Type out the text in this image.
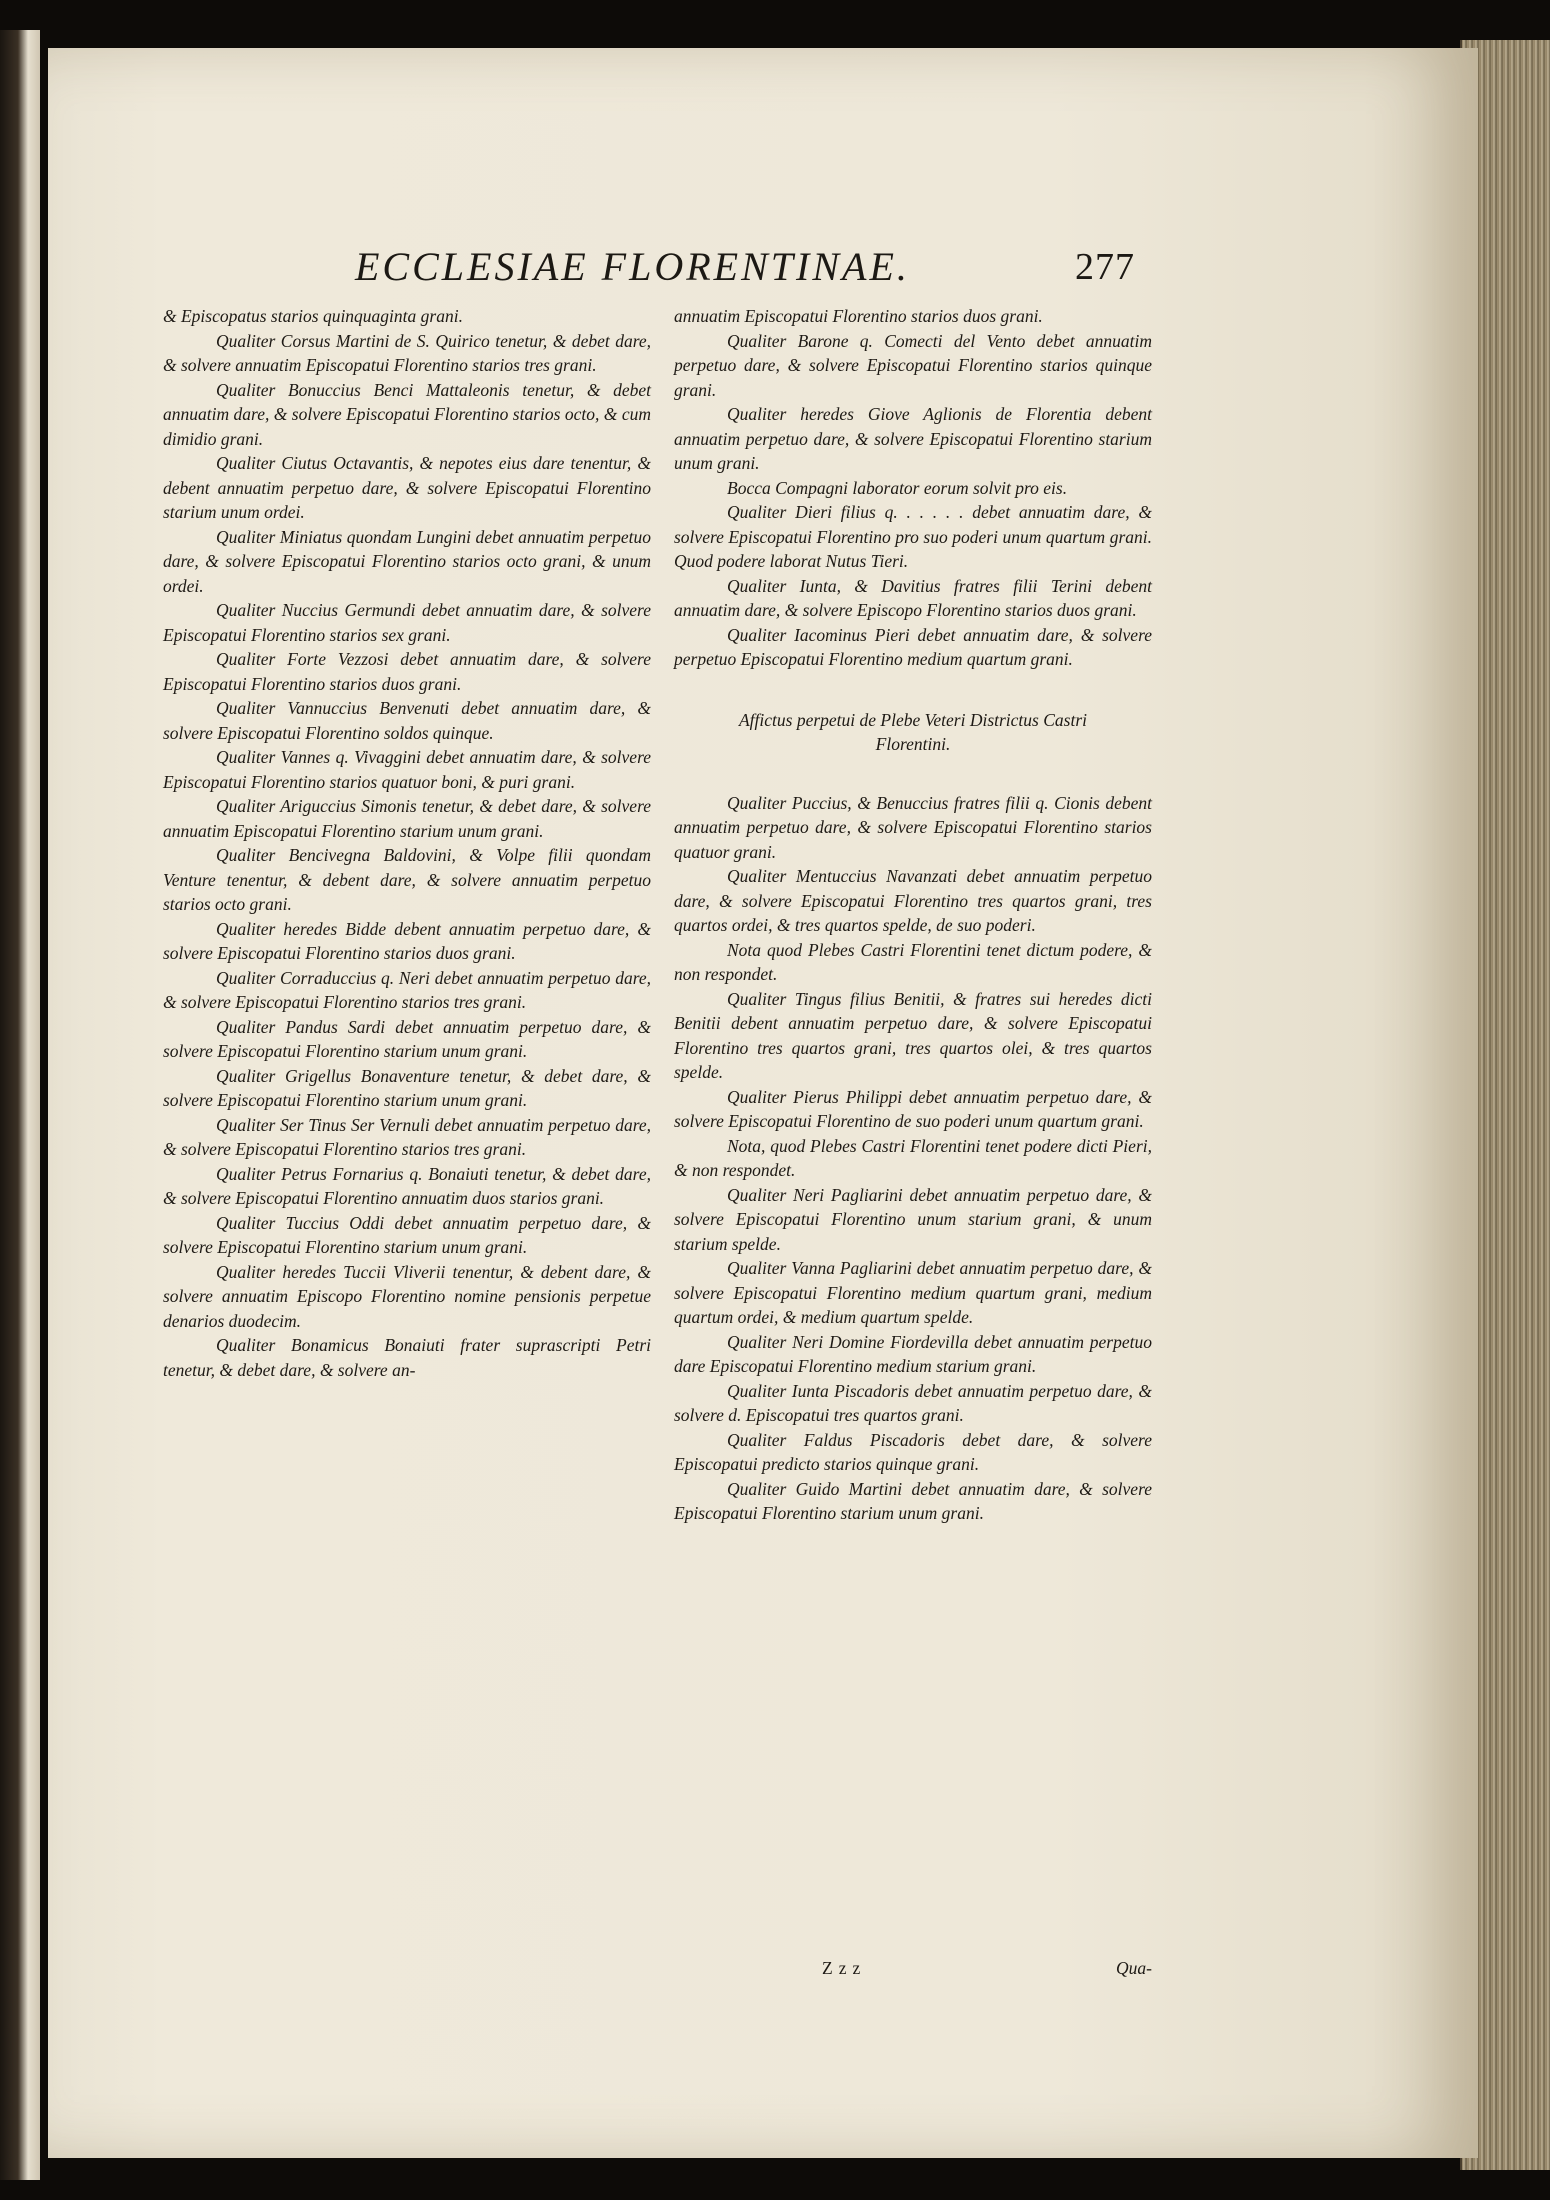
ECCLESIAE FLORENTINAE.	277

& Episcopatus starios quinquaginta grani.

Qualiter Corsus Martini de S. Quirico tenetur, & debet dare, & solvere annuatim Episcopatui Florentino starios tres grani.

Qualiter Bonuccius Benci Mattaleonis tenetur, & debet annuatim dare, & solvere Episcopatui Florentino starios octo, & cum dimidio grani.

Qualiter Ciutus Octavantis, & nepotes eius dare tenentur, & debent annuatim perpetuo dare, & solvere Episcopatui Florentino starium unum ordei.

Qualiter Miniatus quondam Lungini debet annuatim perpetuo dare, & solvere Episcopatui Florentino starios octo grani, & unum ordei.

Qualiter Nuccius Germundi debet annuatim dare, & solvere Episcopatui Florentino starios sex grani.

Qualiter Forte Vezzosi debet annuatim dare, & solvere Episcopatui Florentino starios duos grani.

Qualiter Vannuccius Benvenuti debet annuatim dare, & solvere Episcopatui Florentino soldos quinque.

Qualiter Vannes q. Vivaggini debet annuatim dare, & solvere Episcopatui Florentino starios quatuor boni, & puri grani.

Qualiter Ariguccius Simonis tenetur, & debet dare, & solvere annuatim Episcopatui Florentino starium unum grani.

Qualiter Bencivegna Baldovini, & Volpe filii quondam Venture tenentur, & debent dare, & solvere annuatim perpetuo starios octo grani.

Qualiter heredes Bidde debent annuatim perpetuo dare, & solvere Episcopatui Florentino starios duos grani.

Qualiter Corraduccius q. Neri debet annuatim perpetuo dare, & solvere Episcopatui Florentino starios tres grani.

Qualiter Pandus Sardi debet annuatim perpetuo dare, & solvere Episcopatui Florentino starium unum grani.

Qualiter Grigellus Bonaventure tenetur, & debet dare, & solvere Episcopatui Florentino starium unum grani.

Qualiter Ser Tinus Ser Vernuli debet annuatim perpetuo dare, & solvere Episcopatui Florentino starios tres grani.

Qualiter Petrus Fornarius q. Bonaiuti tenetur, & debet dare, & solvere Episcopatui Florentino annuatim duos starios grani.

Qualiter Tuccius Oddi debet annuatim perpetuo dare, & solvere Episcopatui Florentino starium unum grani.

Qualiter heredes Tuccii Vliverii tenentur, & debent dare, & solvere annuatim Episcopo Florentino nomine pensionis perpetue denarios duodecim.

Qualiter Bonamicus Bonaiuti frater suprascripti Petri tenetur, & debet dare, & solvere an-

annuatim Episcopatui Florentino starios duos grani.

Qualiter Barone q. Comecti del Vento debet annuatim perpetuo dare, & solvere Episcopatui Florentino starios quinque grani.

Qualiter heredes Giove Aglionis de Florentia debent annuatim perpetuo dare, & solvere Episcopatui Florentino starium unum grani.

Bocca Compagni laborator eorum solvit pro eis.

Qualiter Dieri filius q. . . . . . debet annuatim dare, & solvere Episcopatui Florentino pro suo poderi unum quartum grani. Quod podere laborat Nutus Tieri.

Qualiter Iunta, & Davitius fratres filii Terini debent annuatim dare, & solvere Episcopo Florentino starios duos grani.

Qualiter Iacominus Pieri debet annuatim dare, & solvere perpetuo Episcopatui Florentino medium quartum grani.

Affictus perpetui de Plebe Veteri Districtus Castri Florentini.

Qualiter Puccius, & Benuccius fratres filii q. Cionis debent annuatim perpetuo dare, & solvere Episcopatui Florentino starios quatuor grani.

Qualiter Mentuccius Navanzati debet annuatim perpetuo dare, & solvere Episcopatui Florentino tres quartos grani, tres quartos ordei, & tres quartos spelde, de suo poderi.

Nota quod Plebes Castri Florentini tenet dictum podere, & non respondet.

Qualiter Tingus filius Benitii, & fratres sui heredes dicti Benitii debent annuatim perpetuo dare, & solvere Episcopatui Florentino tres quartos grani, tres quartos olei, & tres quartos spelde.

Qualiter Pierus Philippi debet annuatim perpetuo dare, & solvere Episcopatui Florentino de suo poderi unum quartum grani.

Nota, quod Plebes Castri Florentini tenet podere dicti Pieri, & non respondet.

Qualiter Neri Pagliarini debet annuatim perpetuo dare, & solvere Episcopatui Florentino unum starium grani, & unum starium spelde.

Qualiter Vanna Pagliarini debet annuatim perpetuo dare, & solvere Episcopatui Florentino medium quartum grani, medium quartum ordei, & medium quartum spelde.

Qualiter Neri Domine Fiordevilla debet annuatim perpetuo dare Episcopatui Florentino medium starium grani.

Qualiter Iunta Piscadoris debet annuatim perpetuo dare, & solvere d. Episcopatui tres quartos grani.

Qualiter Faldus Piscadoris debet dare, & solvere Episcopatui predicto starios quinque grani.

Qualiter Guido Martini debet annuatim dare, & solvere Episcopatui Florentino starium unum grani.

Zzz	Qua-
